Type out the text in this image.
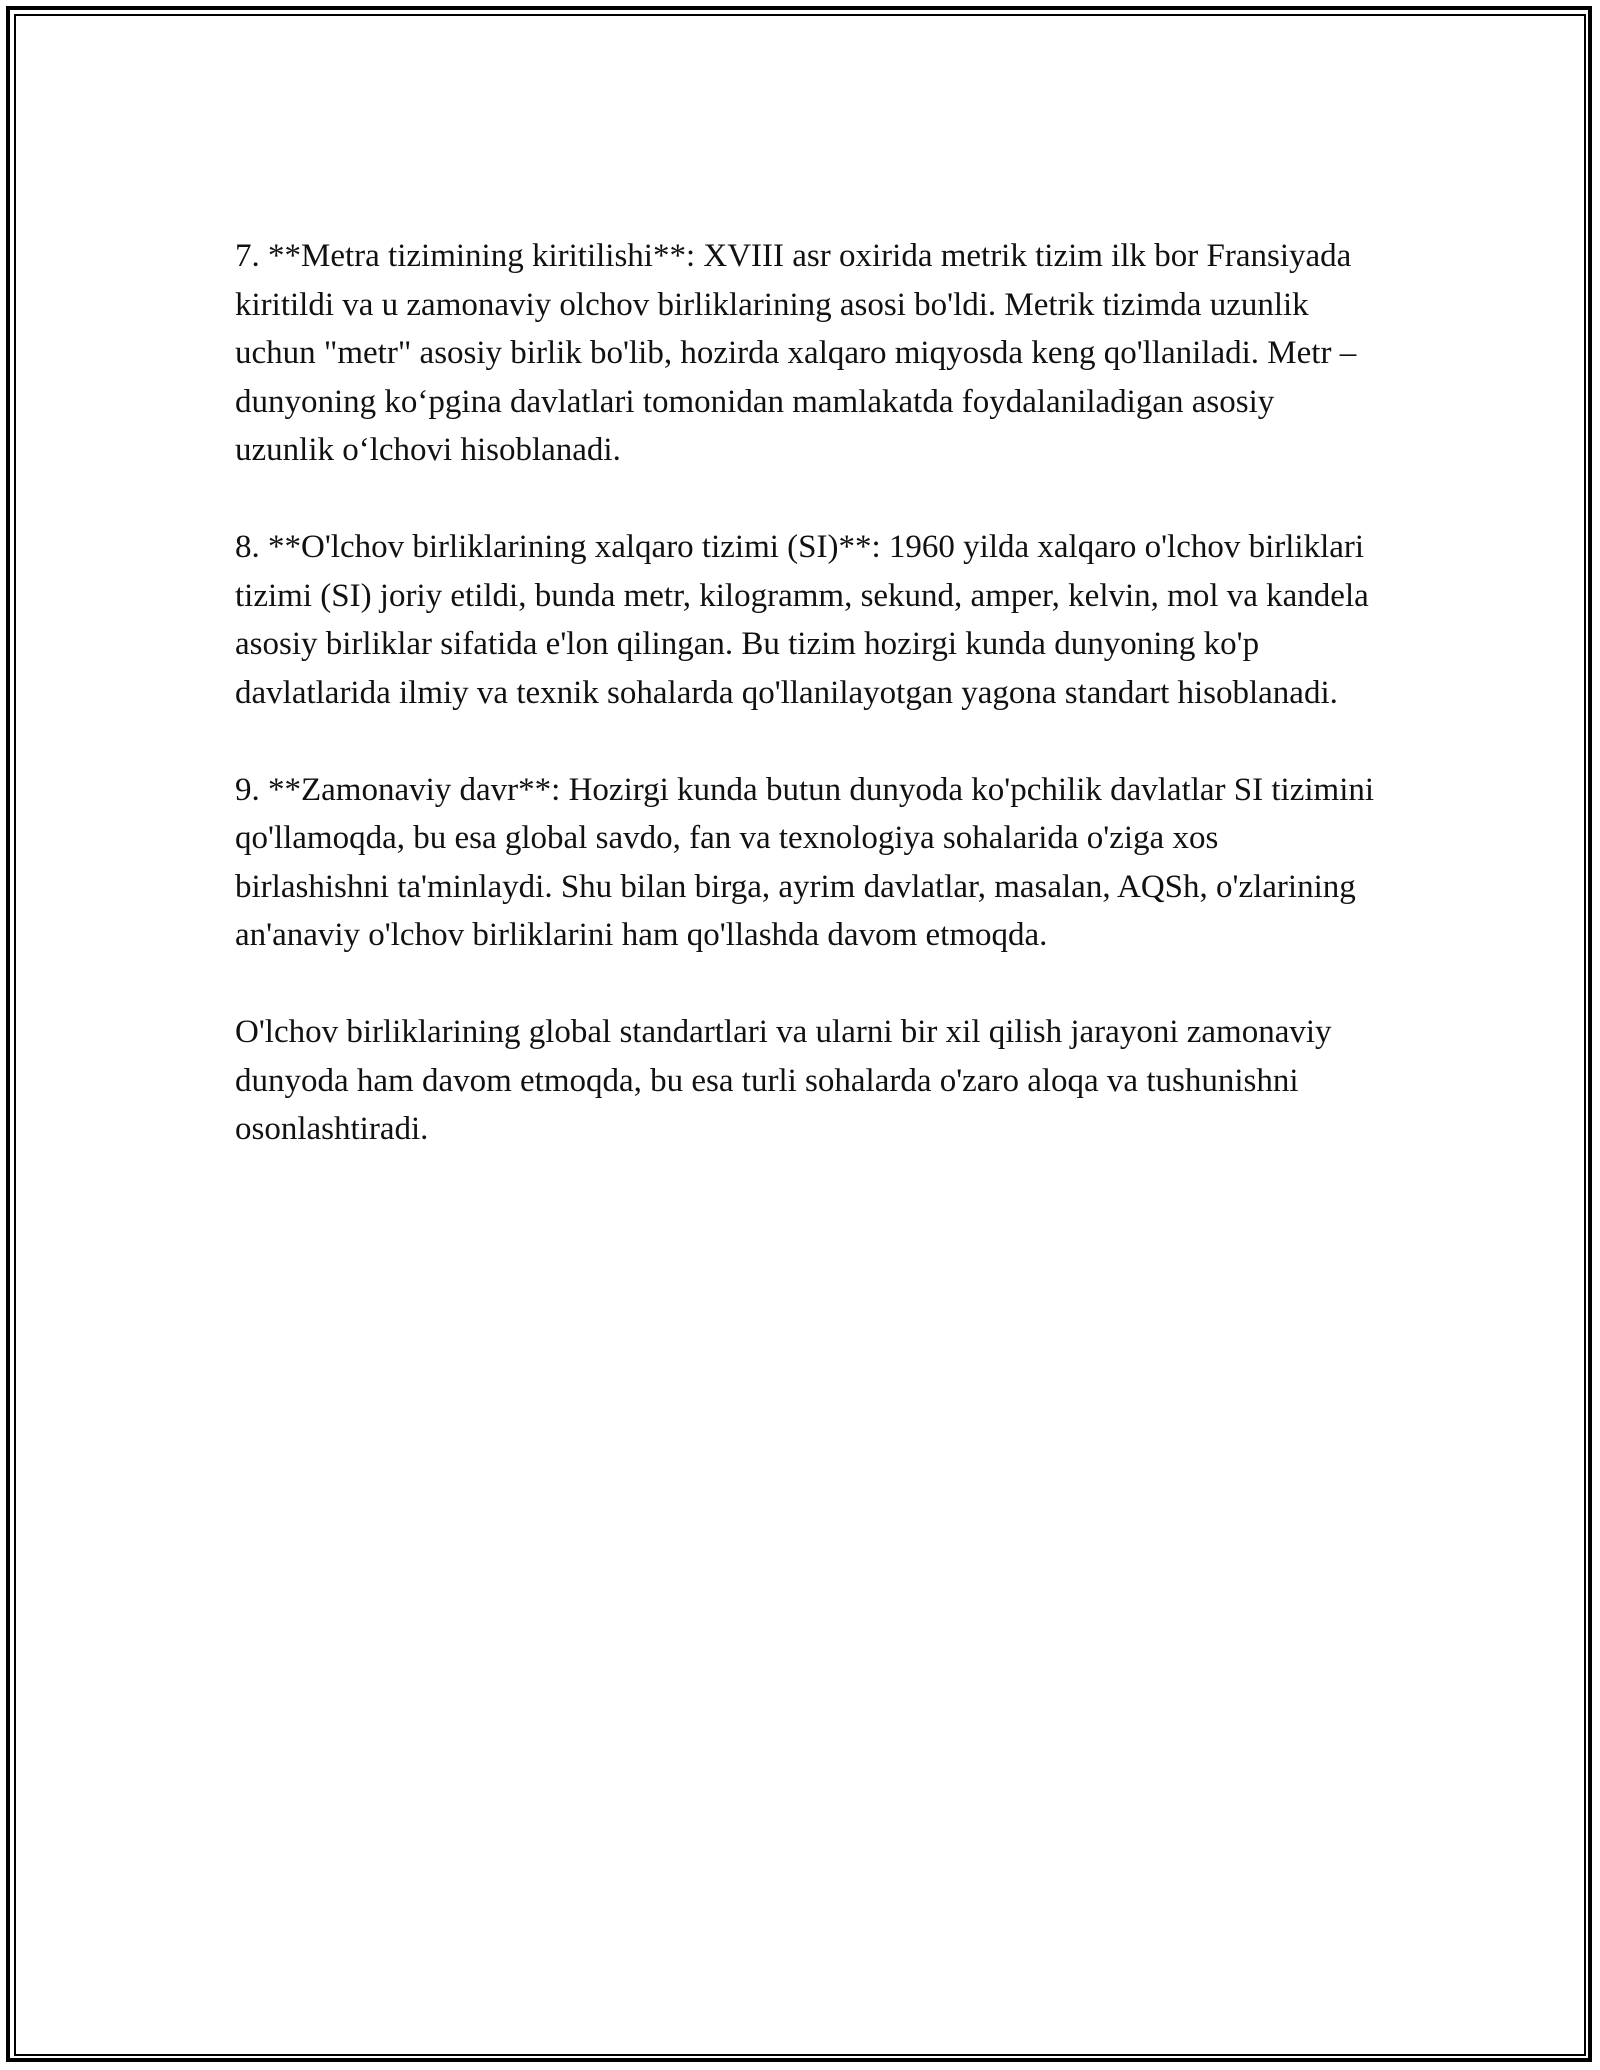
7. **Metra tizimining kiritilishi**: XVIII asr oxirida metrik tizim ilk bor Fransiyada kiritildi va u zamonaviy olchov birliklarining asosi bo'ldi. Metrik tizimda uzunlik uchun "metr" asosiy birlik bo'lib, hozirda xalqaro miqyosda keng qo'llaniladi. Metr – dunyoning koʻpgina davlatlari tomonidan mamlakatda foydalaniladigan asosiy uzunlik oʻlchovi hisoblanadi.

8. **O'lchov birliklarining xalqaro tizimi (SI)**: 1960 yilda xalqaro o'lchov birliklari tizimi (SI) joriy etildi, bunda metr, kilogramm, sekund, amper, kelvin, mol va kandela asosiy birliklar sifatida e'lon qilingan. Bu tizim hozirgi kunda dunyoning ko'p davlatlarida ilmiy va texnik sohalarda qo'llanilayotgan yagona standart hisoblanadi.

9. **Zamonaviy davr**: Hozirgi kunda butun dunyoda ko'pchilik davlatlar SI tizimini qo'llamoqda, bu esa global savdo, fan va texnologiya sohalarida o'ziga xos birlashishni ta'minlaydi. Shu bilan birga, ayrim davlatlar, masalan, AQSh, o'zlarining an'anaviy o'lchov birliklarini ham qo'llashda davom etmoqda.

O'lchov birliklarining global standartlari va ularni bir xil qilish jarayoni zamonaviy dunyoda ham davom etmoqda, bu esa turli sohalarda o'zaro aloqa va tushunishni osonlashtiradi.
